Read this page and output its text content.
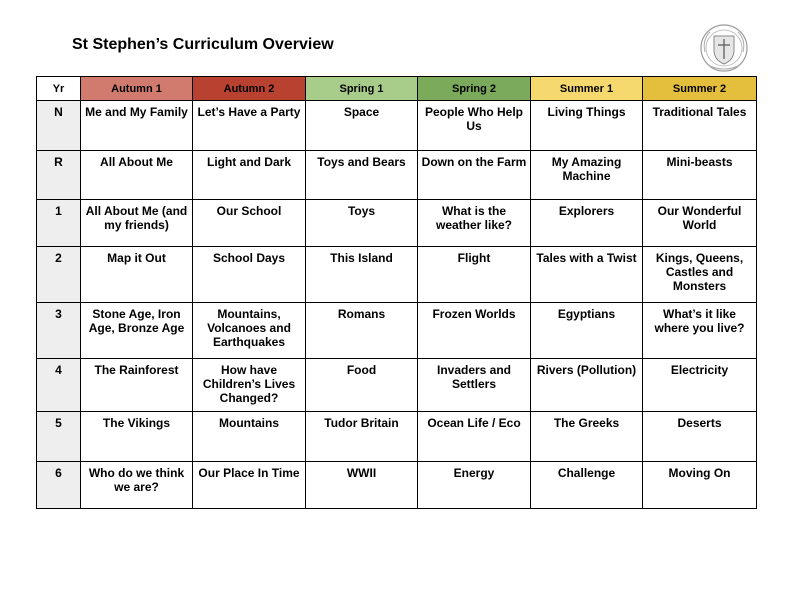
St Stephen’s Curriculum Overview
Yr	Autumn 1	Autumn 2	Spring 1	Spring 2	Summer 1	Summer 2
N	Me and My Family	Let’s Have a Party	Space	People Who Help Us	Living Things	Traditional Tales
R	All About Me	Light and Dark	Toys and Bears	Down on the Farm	My Amazing Machine	Mini-beasts
1	All About Me (and my friends)	Our School	Toys	What is the weather like?	Explorers	Our Wonderful World
2	Map it Out	School Days	This Island	Flight	Tales with a Twist	Kings, Queens, Castles and Monsters
3	Stone Age, Iron Age, Bronze Age	Mountains, Volcanoes and Earthquakes	Romans	Frozen Worlds	Egyptians	What’s it like where you live?
4	The Rainforest	How have Children’s Lives Changed?	Food	Invaders and Settlers	Rivers (Pollution)	Electricity
5	The Vikings	Mountains	Tudor Britain	Ocean Life / Eco	The Greeks	Deserts
6	Who do we think we are?	Our Place In Time	WWII	Energy	Challenge	Moving On
